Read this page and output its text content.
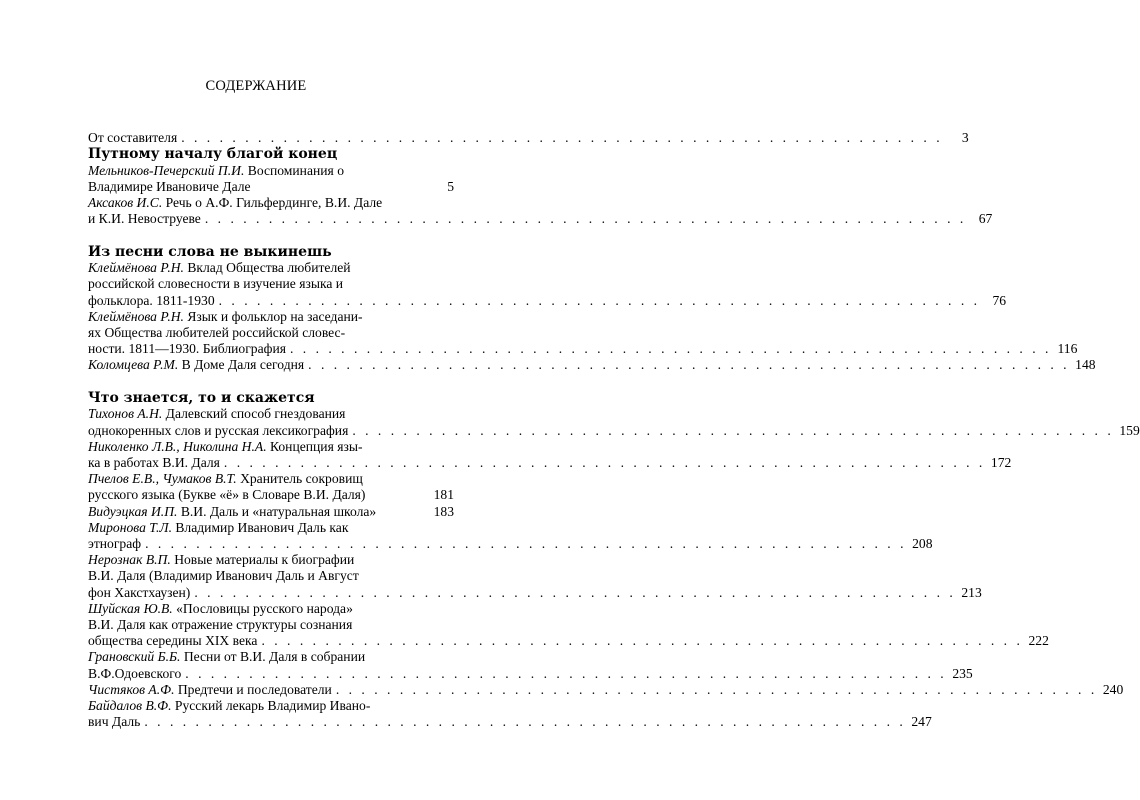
СОДЕРЖАНИЕ
От составителя . . . . . . . . . . . . . . . . . . . . . . . . . . . . . . . . . . . . . . . . . . . . . . . . . . . . . . . . . . . .	3
Путному началу благой конец
Мельников-Печерский П.И. Воспоминания о
Владимире Ивановиче Дале	5
Аксаков И.С. Речь о А.Ф. Гильфердинге, В.И. Дале
и К.И. Невоструеве . . . . . . . . . . . . . . . . . . . . . . . . . . . . . . . . . . . . . . . . . . . . . . . . . . . . . . . . . . . . 67
Из песни слова не выкинешь
Клеймёнова Р.Н. Вклад Общества любителей
российской словесности в изучение языка и
фольклора. 1811-1930 . . . . . . . . . . . . . . . . . . . . . . . . . . . . . . . . . . . . . . . . . . . . . . . . . . . . . . . . . . . . 76
Клеймёнова Р.Н. Язык и фольклор на заседани-
ях Общества любителей российской словес-
ности. 1811—1930. Библиография . . . . . . . . . . . . . . . . . . . . . . . . . . . . . . . . . . . . . . . . . . . . . . . . . . . . . . . . . . . . 116
Коломцева Р.М. В Доме Даля сегодня . . . . . . . . . . . . . . . . . . . . . . . . . . . . . . . . . . . . . . . . . . . . . . . . . . . . . . . . . . . . 148
Что знается, то и скажется
Тихонов А.Н. Далевский способ гнездования
однокоренных слов и русская лексикография . . . . . . . . . . . . . . . . . . . . . . . . . . . . . . . . . . . . . . . . . . . . . . . . . . . . . . . . . . . . 159
Николенко Л.В., Николина Н.А. Концепция язы-
ка в работах В.И. Даля . . . . . . . . . . . . . . . . . . . . . . . . . . . . . . . . . . . . . . . . . . . . . . . . . . . . . . . . . . . . 172
Пчелов Е.В., Чумаков В.Т. Хранитель сокровищ
русского языка (Букве «ё» в Словаре В.И. Даля)	181
Видуэцкая И.П. В.И. Даль и «натуральная школа»	183
Миронова Т.Л. Владимир Иванович Даль как
этнограф . . . . . . . . . . . . . . . . . . . . . . . . . . . . . . . . . . . . . . . . . . . . . . . . . . . . . . . . . . . . 208
Нерознак В.П. Новые материалы к биографии
В.И. Даля (Владимир Иванович Даль и Август
фон Хакстхаузен) . . . . . . . . . . . . . . . . . . . . . . . . . . . . . . . . . . . . . . . . . . . . . . . . . . . . . . . . . . . . 213
Шуйская Ю.В. «Пословицы русского народа»
В.И. Даля как отражение структуры сознания
общества середины XIX века . . . . . . . . . . . . . . . . . . . . . . . . . . . . . . . . . . . . . . . . . . . . . . . . . . . . . . . . . . . . 222
Грановский Б.Б. Песни от В.И. Даля в собрании
В.Ф.Одоевского . . . . . . . . . . . . . . . . . . . . . . . . . . . . . . . . . . . . . . . . . . . . . . . . . . . . . . . . . . . . 235
Чистяков А.Ф. Предтечи и последователи . . . . . . . . . . . . . . . . . . . . . . . . . . . . . . . . . . . . . . . . . . . . . . . . . . . . . . . . . . . . 240
Байдалов В.Ф. Русский лекарь Владимир Ивано-
вич Даль . . . . . . . . . . . . . . . . . . . . . . . . . . . . . . . . . . . . . . . . . . . . . . . . . . . . . . . . . . . . 247
